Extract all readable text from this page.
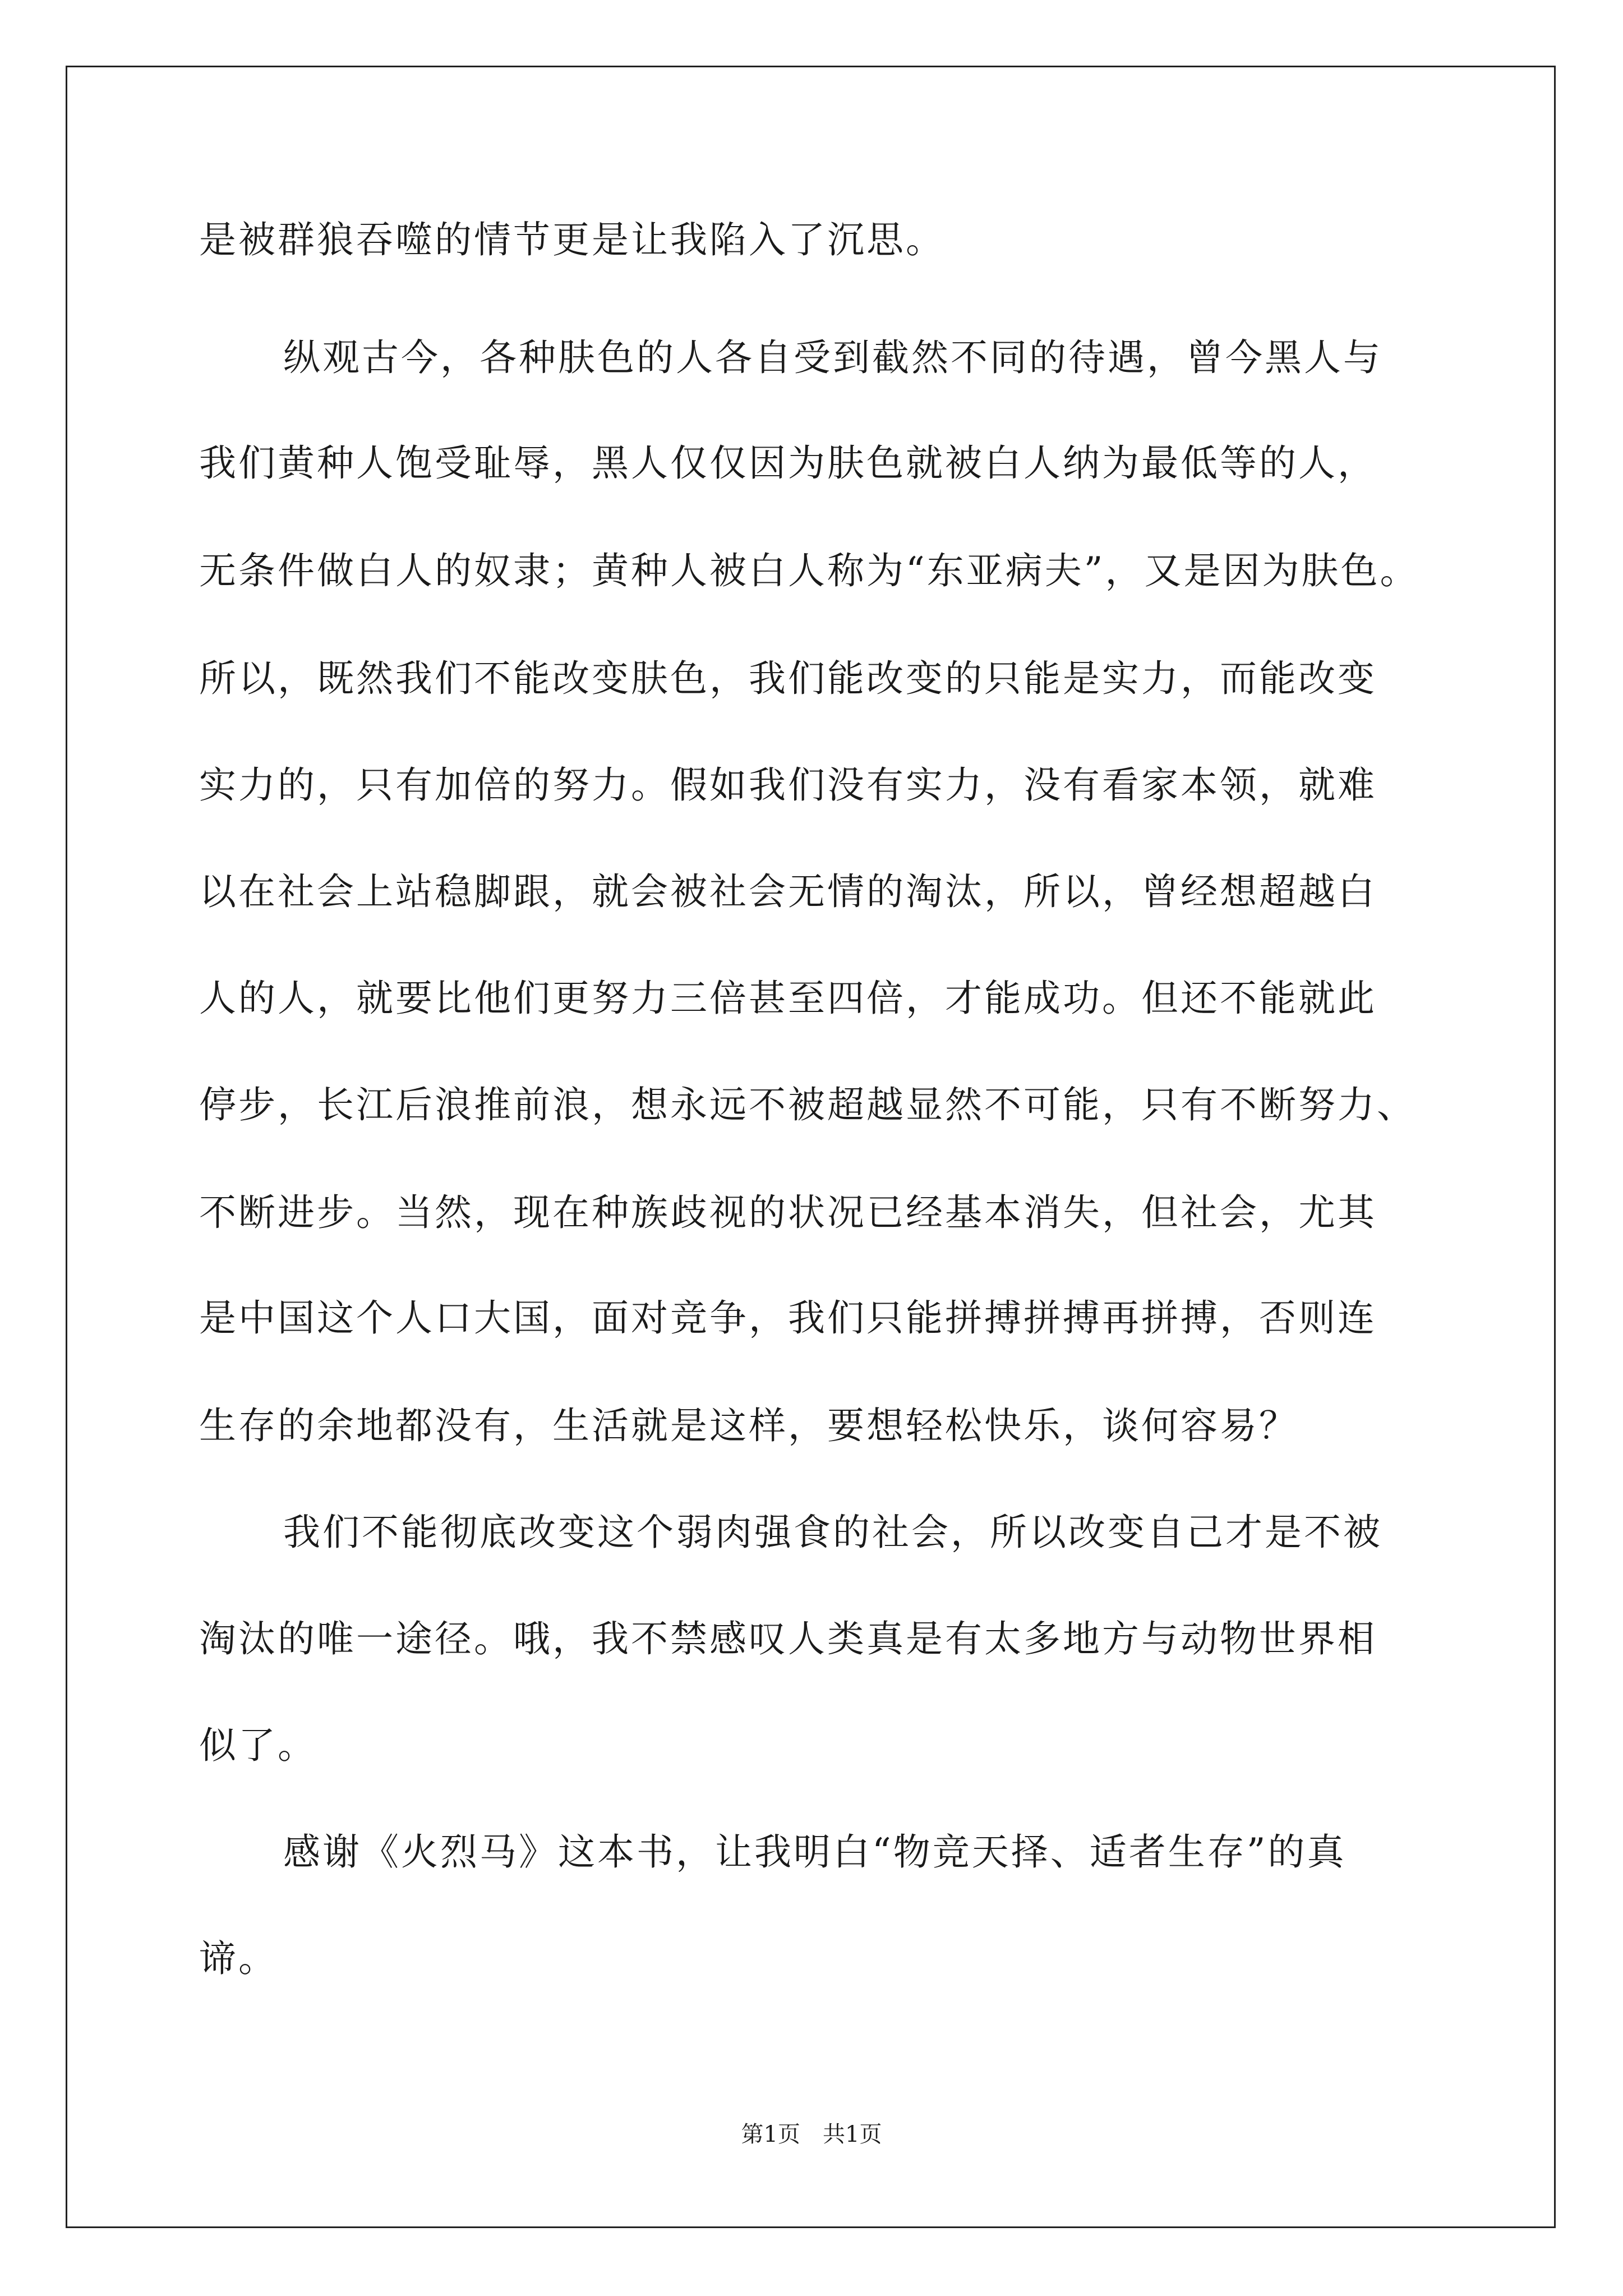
是被群狼吞噬的情节更是让我陷入了沉思。

纵观古今，各种肤色的人各自受到截然不同的待遇，曾今黑人与

我们黄种人饱受耻辱，黑人仅仅因为肤色就被白人纳为最低等的人，

无条件做白人的奴隶；黄种人被白人称为“东亚病夫”，又是因为肤色。

所以，既然我们不能改变肤色，我们能改变的只能是实力，而能改变

实力的，只有加倍的努力。假如我们没有实力，没有看家本领，就难

以在社会上站稳脚跟，就会被社会无情的淘汰，所以，曾经想超越白

人的人，就要比他们更努力三倍甚至四倍，才能成功。但还不能就此

停步，长江后浪推前浪，想永远不被超越显然不可能，只有不断努力、

不断进步。当然，现在种族歧视的状况已经基本消失，但社会，尤其

是中国这个人口大国，面对竞争，我们只能拼搏拼搏再拼搏，否则连

生存的余地都没有，生活就是这样，要想轻松快乐，谈何容易？

我们不能彻底改变这个弱肉强食的社会，所以改变自己才是不被

淘汰的唯一途径。哦，我不禁感叹人类真是有太多地方与动物世界相

似了。

感谢《火烈马》这本书，让我明白“物竞天择、适者生存”的真

谛。

第1页　共1页
